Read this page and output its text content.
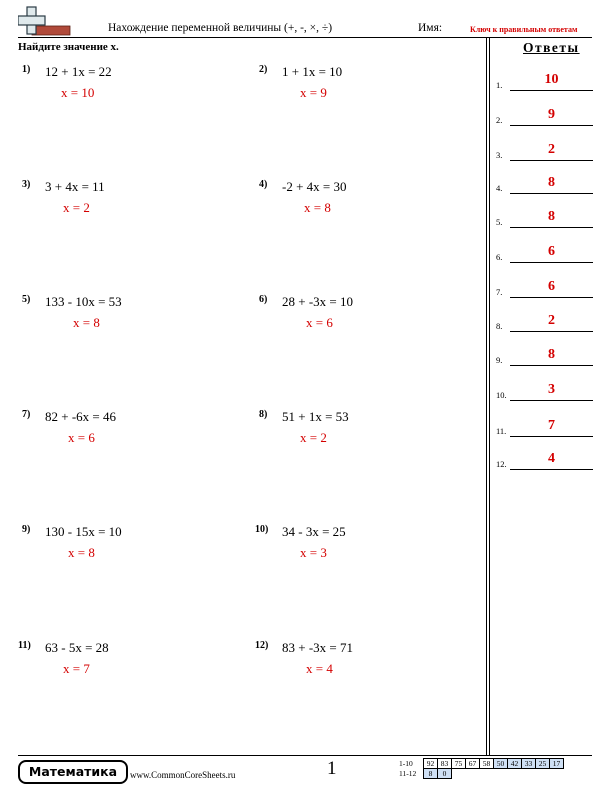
Нахождение переменной величины (+, -, ×, ÷)	Имя:	Ключ к правильным ответам
Найдите значение x.
1) 12 + 1x = 22
x = 10
2) 1 + 1x = 10
x = 9
3) 3 + 4x = 11
x = 2
4) -2 + 4x = 30
x = 8
5) 133 - 10x = 53
x = 8
6) 28 + -3x = 10
x = 6
7) 82 + -6x = 46
x = 6
8) 51 + 1x = 53
x = 2
9) 130 - 15x = 10
x = 8
10) 34 - 3x = 25
x = 3
11) 63 - 5x = 28
x = 7
12) 83 + -3x = 71
x = 4
Ответы
1.	10
2.	9
3.	2
4.	8
5.	8
6.	6
7.	6
8.	2
9.	8
10.	3
11.	7
12.	4
Математика	www.CommonCoreSheets.ru	1	1-10	92	83	75	67	58	50	42	33	25	17
11-12	8	0								
